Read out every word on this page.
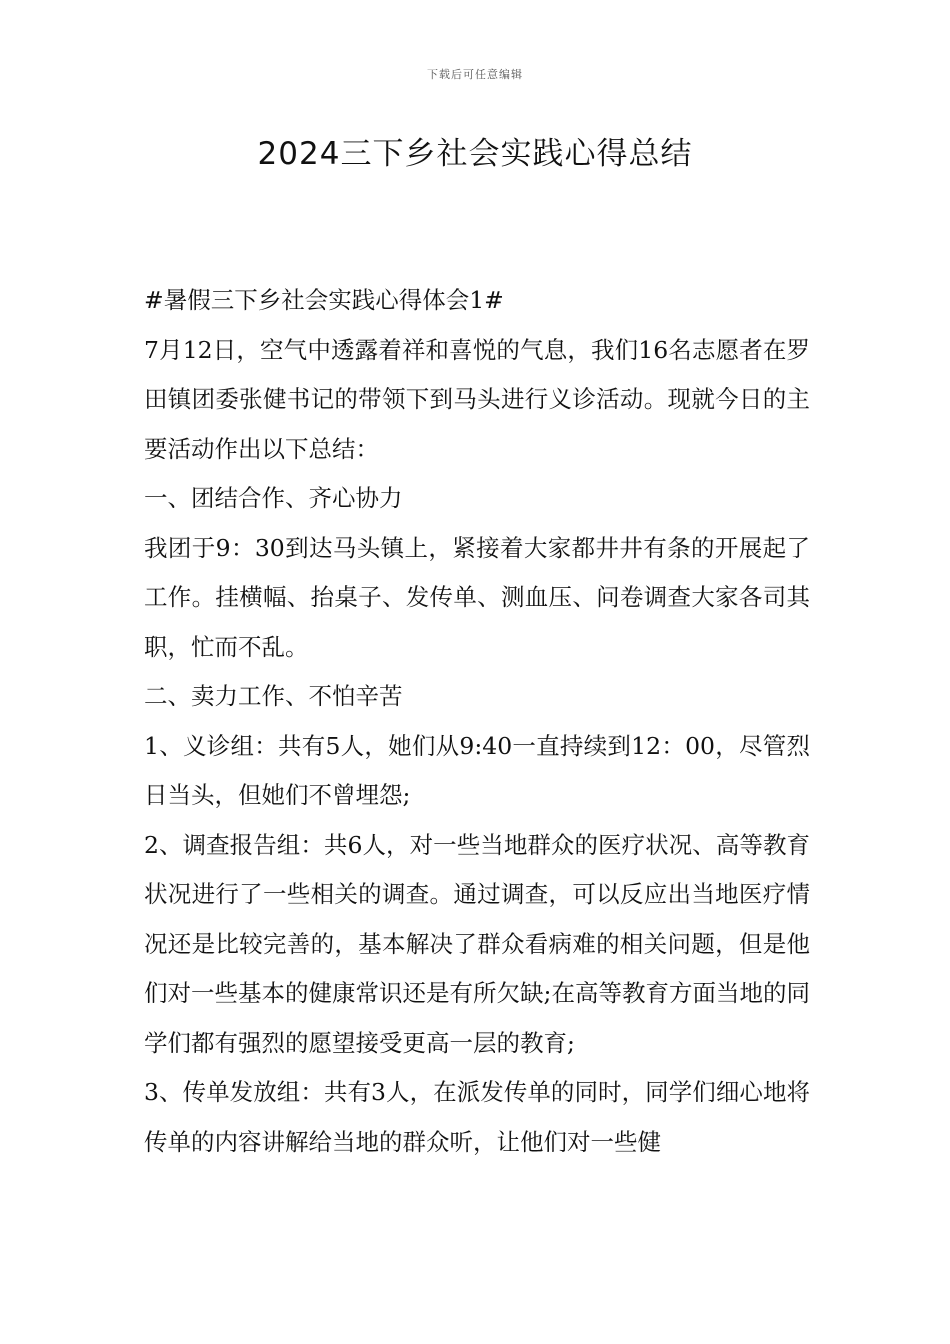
下载后可任意编辑
2024三下乡社会实践心得总结

#暑假三下乡社会实践心得体会1#

7月12日，空气中透露着祥和喜悦的气息，我们16名志愿者在罗田镇团委张健书记的带领下到马头进行义诊活动。现就今日的主要活动作出以下总结：

一、团结合作、齐心协力

我团于9：30到达马头镇上，紧接着大家都井井有条的开展起了工作。挂横幅、抬桌子、发传单、测血压、问卷调查大家各司其职，忙而不乱。

二、卖力工作、不怕辛苦

1、义诊组：共有5人，她们从9:40一直持续到12：00，尽管烈日当头，但她们不曾埋怨;

2、调查报告组：共6人，对一些当地群众的医疗状况、高等教育状况进行了一些相关的调查。通过调查，可以反应出当地医疗情况还是比较完善的，基本解决了群众看病难的相关问题，但是他们对一些基本的健康常识还是有所欠缺;在高等教育方面当地的同学们都有强烈的愿望接受更高一层的教育;

3、传单发放组：共有3人，在派发传单的同时，同学们细心地将传单的内容讲解给当地的群众听，让他们对一些健
